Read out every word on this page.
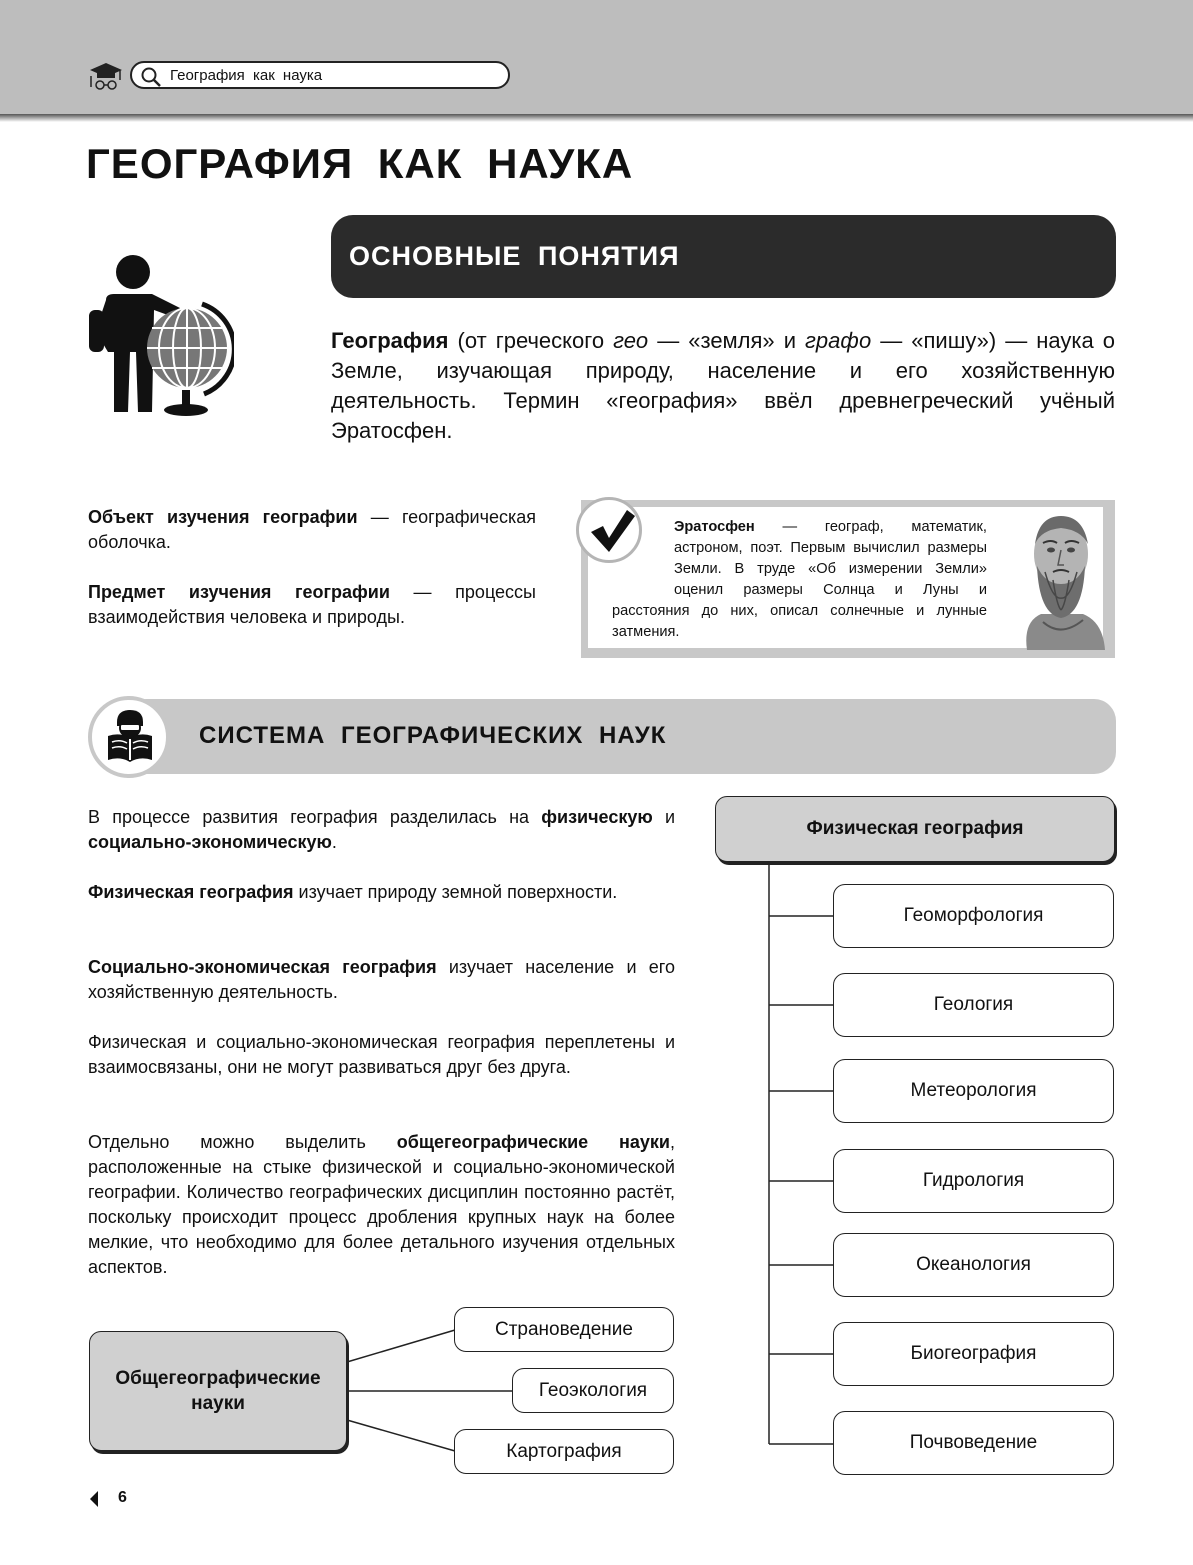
География как наука
ГЕОГРАФИЯ КАК НАУКА
ОСНОВНЫЕ ПОНЯТИЯ
География (от греческого гео — «земля» и графо — «пишу») — наука о Земле, изучающая природу, население и его хозяйственную деятельность. Термин «география» ввёл древнегреческий учёный Эратосфен.
Объект изучения географии — географическая оболочка.
Предмет изучения географии — процессы взаимодействия человека и природы.
Эратосфен — географ, математик, астроном, поэт. Первым вычислил размеры Земли. В труде «Об измерении Земли» оценил размеры Солнца и Луны и расстояния до них, описал солнечные и лунные затмения.
СИСТЕМА ГЕОГРАФИЧЕСКИХ НАУК
В процессе развития география разделилась на физическую и социально-экономическую.
Физическая география изучает природу земной поверхности.
Социально-экономическая география изучает население и его хозяйственную деятельность.
Физическая и социально-экономическая география переплетены и взаимосвязаны, они не могут развиваться друг без друга.
Отдельно можно выделить общегеографические науки, расположенные на стыке физической и социально-экономической географии. Количество географических дисциплин постоянно растёт, поскольку происходит процесс дробления крупных наук на более мелкие, что необходимо для более детального изучения отдельных аспектов.
Общегеографические науки
Страноведение
Геоэкология
Картография
Физическая география
Геоморфология
Геология
Метеорология
Гидрология
Океанология
Биогеография
Почвоведение
6
